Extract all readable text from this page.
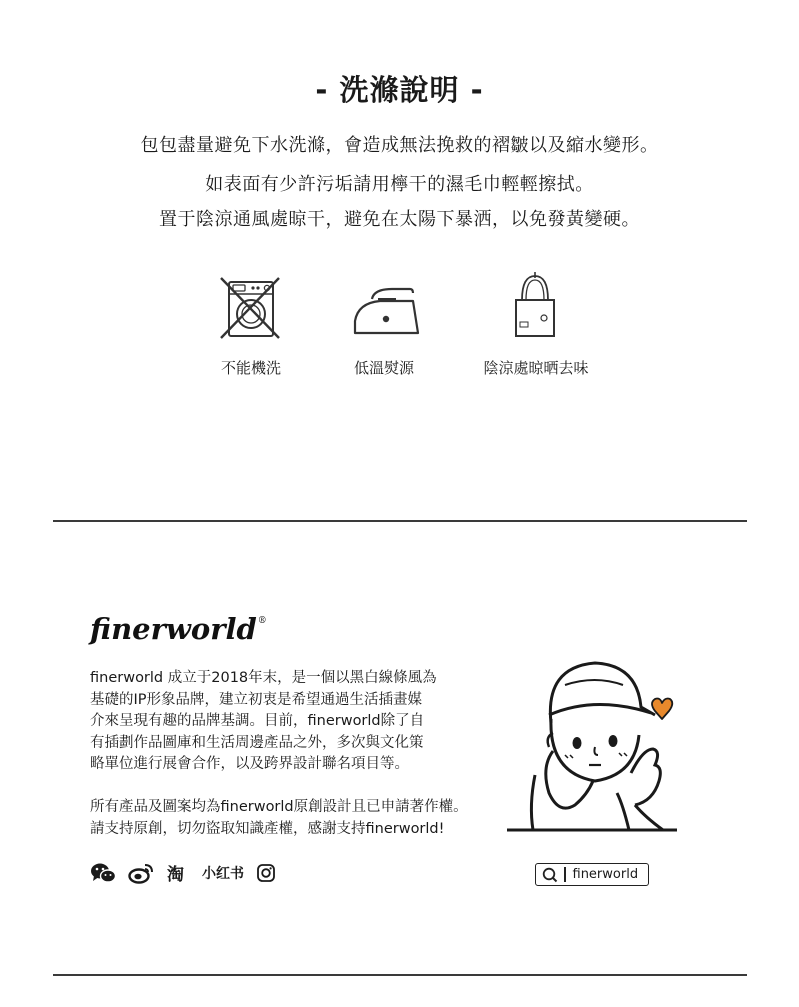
- 洗滌說明 -
包包盡量避免下水洗滌，會造成無法挽救的褶皺以及縮水變形。
如表面有少許污垢請用檸干的濕毛巾輕輕擦拭。
置于陰涼通風處晾干，避免在太陽下暴洒，以免發黃變硬。
不能機洗	低溫熨源	陰涼處晾晒去味
finerworld®

finerworld 成立于2018年末，是一個以黑白線條風為

基礎的IP形象品牌，建立初衷是希望通過生活插畫媒

介來呈現有趣的品牌基調。目前，finerworld除了自

有插劃作品圖庫和生活周邊產品之外，多次與文化策

略單位進行展會合作，以及跨界設計聯名項目等。

所有產品及圖案均為finerworld原創設計且已申請著作權。

請支持原創，切勿盜取知識產權，感謝支持finerworld!

淘 小红书	finerworld
